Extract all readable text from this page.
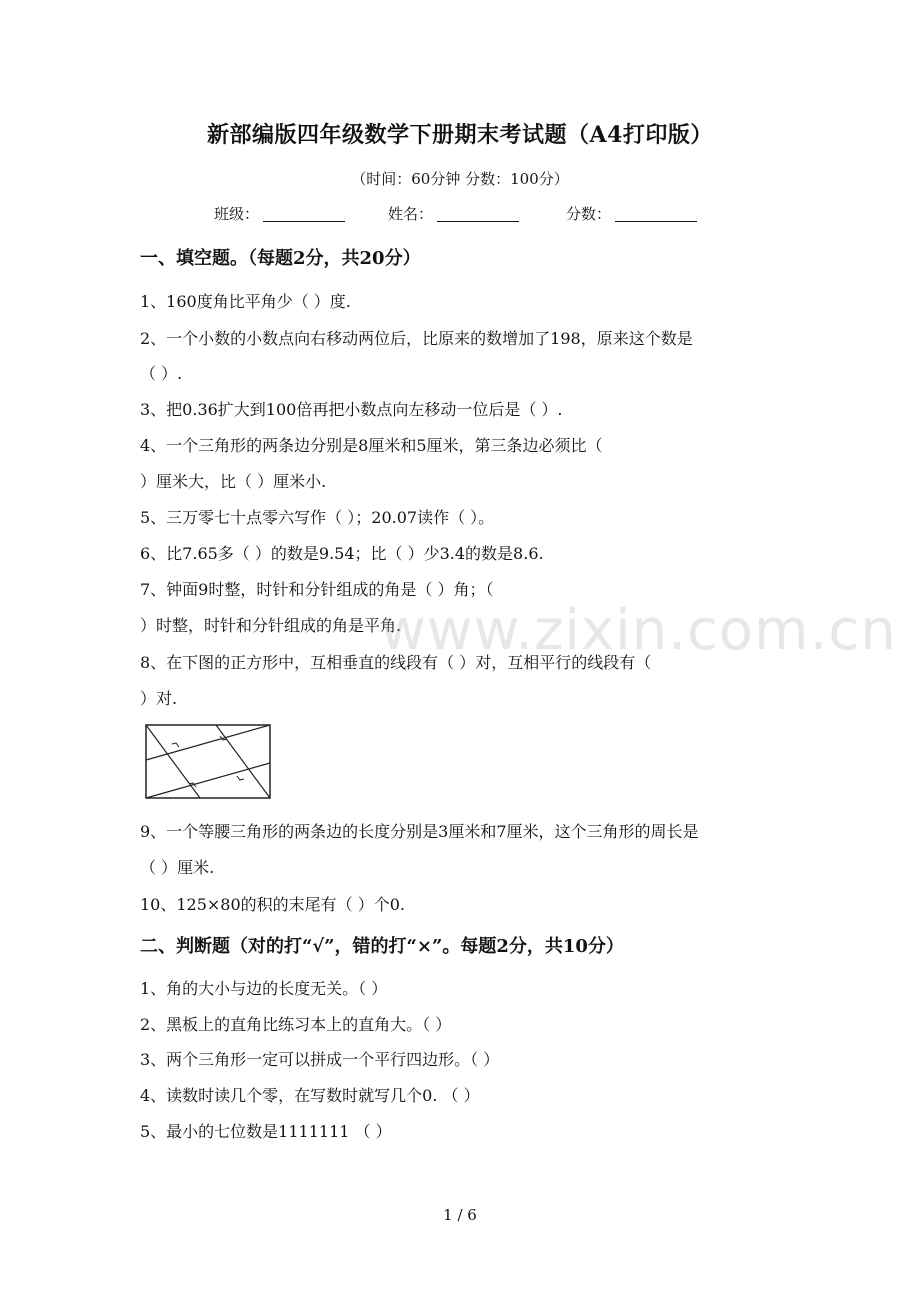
新部编版四年级数学下册期末考试题（A4打印版）
（时间：60分钟 分数：100分）
班级：	姓名：	分数：
一、填空题。（每题2分，共20分）
1、160度角比平角少（ ）度.
2、一个小数的小数点向右移动两位后，比原来的数增加了198，原来这个数是
（ ）.
3、把0.36扩大到100倍再把小数点向左移动一位后是（ ）.
4、一个三角形的两条边分别是8厘米和5厘米，第三条边必须比（
）厘米大，比（ ）厘米小.
5、三万零七十点零六写作（ ）；20.07读作（ ）。
6、比7.65多（ ）的数是9.54；比（ ）少3.4的数是8.6.
7、钟面9时整，时针和分针组成的角是（ ）角；（
）时整，时针和分针组成的角是平角.
8、在下图的正方形中，互相垂直的线段有（ ）对，互相平行的线段有（
）对.
9、一个等腰三角形的两条边的长度分别是3厘米和7厘米，这个三角形的周长是
（ ）厘米.
10、125×80的积的末尾有（ ）个0.
二、判断题（对的打“√”，错的打“×”。每题2分，共10分）
1、角的大小与边的长度无关。（ ）
2、黑板上的直角比练习本上的直角大。（ ）
3、两个三角形一定可以拼成一个平行四边形。（ ）
4、读数时读几个零，在写数时就写几个0. （ ）
5、最小的七位数是1111111 （ ）
www.zixin.com.cn
1 / 6
